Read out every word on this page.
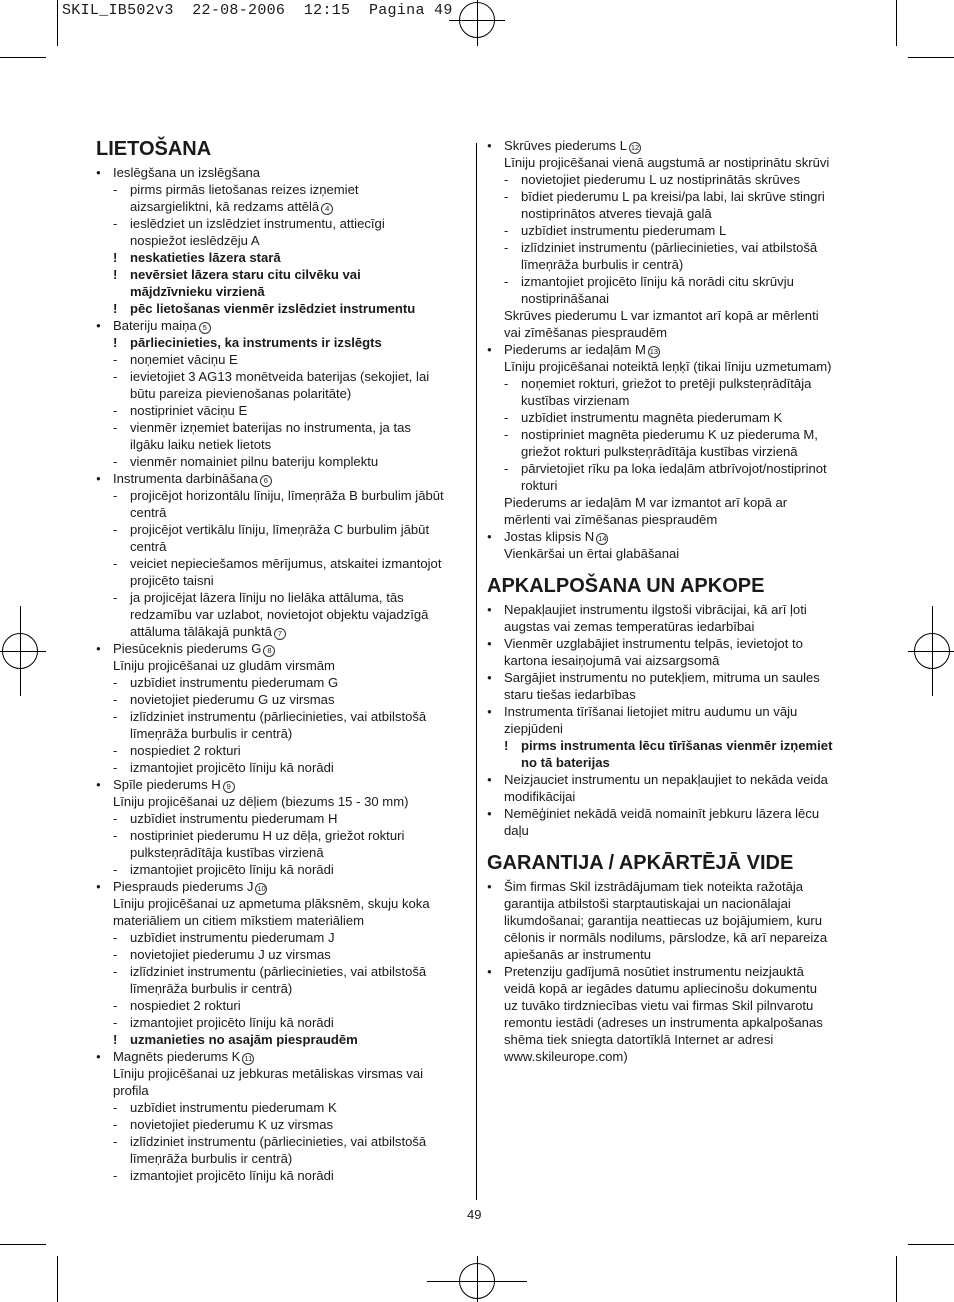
SKIL_IB502v3  22-08-2006  12:15  Pagina 49
LIETOŠANA
● Ieslēgšana un izslēgšana
- pirms pirmās lietošanas reizes izņemiet
aizsargieliktni, kā redzams attēlā 4
- ieslēdziet un izslēdziet instrumentu, attiecīgi
nospiežot ieslēdzēju A
! neskatieties lāzera starā
! nevērsiet lāzera staru citu cilvēku vai
mājdzīvnieku virzienā
! pēc lietošanas vienmēr izslēdziet instrumentu
● Bateriju maiņa 5
! pārliecinieties, ka instruments ir izslēgts
- noņemiet vāciņu E
- ievietojiet 3 AG13 monētveida baterijas (sekojiet, lai
būtu pareiza pievienošanas polaritāte)
- nostipriniet vāciņu E
- vienmēr izņemiet baterijas no instrumenta, ja tas
ilgāku laiku netiek lietots
- vienmēr nomainiet pilnu bateriju komplektu
● Instrumenta darbināšana 6
- projicējot horizontālu līniju, līmeņrāža B burbulim jābūt
centrā
- projicējot vertikālu līniju, līmeņrāža C burbulim jābūt
centrā
- veiciet nepieciešamos mērījumus, atskaitei izmantojot
projicēto taisni
- ja projicējat lāzera līniju no lielāka attāluma, tās
redzamību var uzlabot, novietojot objektu vajadzīgā
attāluma tālākajā punktā 7
● Piesūceknis piederums G 8
Līniju projicēšanai uz gludām virsmām
- uzbīdiet instrumentu piederumam G
- novietojiet piederumu G uz virsmas
- izlīdziniet instrumentu (pārliecinieties, vai atbilstošā
līmeņrāža burbulis ir centrā)
- nospiediet 2 rokturi
- izmantojiet projicēto līniju kā norādi
● Spīle piederums H 9
Līniju projicēšanai uz dēļiem (biezums 15 - 30 mm)
- uzbīdiet instrumentu piederumam H
- nostipriniet piederumu H uz dēļa, griežot rokturi
pulksteņrādītāja kustības virzienā
- izmantojiet projicēto līniju kā norādi
● Piesprauds piederums J 10
Līniju projicēšanai uz apmetuma plāksnēm, skuju koka
materiāliem un citiem mīkstiem materiāliem
- uzbīdiet instrumentu piederumam J
- novietojiet piederumu J uz virsmas
- izlīdziniet instrumentu (pārliecinieties, vai atbilstošā
līmeņrāža burbulis ir centrā)
- nospiediet 2 rokturi
- izmantojiet projicēto līniju kā norādi
! uzmanieties no asajām piespraudēm
● Magnēts piederums K 11
Līniju projicēšanai uz jebkuras metāliskas virsmas vai
profila
- uzbīdiet instrumentu piederumam K
- novietojiet piederumu K uz virsmas
- izlīdziniet instrumentu (pārliecinieties, vai atbilstošā
līmeņrāža burbulis ir centrā)
- izmantojiet projicēto līniju kā norādi
● Skrūves piederums L 12
Līniju projicēšanai vienā augstumā ar nostiprinātu skrūvi
- novietojiet piederumu L uz nostiprinātās skrūves
- bīdiet piederumu L pa kreisi/pa labi, lai skrūve stingri
nostiprinātos atveres tievajā galā
- uzbīdiet instrumentu piederumam L
- izlīdziniet instrumentu (pārliecinieties, vai atbilstošā
līmeņrāža burbulis ir centrā)
- izmantojiet projicēto līniju kā norādi citu skrūvju
nostiprināšanai
Skrūves piederumu L var izmantot arī kopā ar mērlenti
vai zīmēšanas piespraudēm
● Piederums ar iedaļām M 13
Līniju projicēšanai noteiktā leņķī (tikai līniju uzmetumam)
- noņemiet rokturi, griežot to pretēji pulksteņrādītāja
kustības virzienam
- uzbīdiet instrumentu magnēta piederumam K
- nostipriniet magnēta piederumu K uz piederuma M,
griežot rokturi pulksteņrādītāja kustības virzienā
- pārvietojiet rīku pa loka iedaļām atbrīvojot/nostiprinot
rokturi
Piederums ar iedaļām M var izmantot arī kopā ar
mērlenti vai zīmēšanas piespraudēm
● Jostas klipsis N 14
Vienkāršai un ērtai glabāšanai
APKALPOŠANA UN APKOPE
● Nepakļaujiet instrumentu ilgstoši vibrācijai, kā arī ļoti
augstas vai zemas temperatūras iedarbībai
● Vienmēr uzglabājiet instrumentu telpās, ievietojot to
kartona iesaiņojumā vai aizsargsomā
● Sargājiet instrumentu no putekļiem, mitruma un saules
staru tiešas iedarbības
● Instrumenta tīrīšanai lietojiet mitru audumu un vāju
ziepjūdeni
! pirms instrumenta lēcu tīrīšanas vienmēr izņemiet
no tā baterijas
● Neizjauciet instrumentu un nepakļaujiet to nekāda veida
modifikācijai
● Nemēģiniet nekādā veidā nomainīt jebkuru lāzera lēcu
daļu
GARANTIJA / APKĀRTĒJĀ VIDE
● Šim firmas Skil izstrādājumam tiek noteikta ražotāja
garantija atbilstoši starptautiskajai un nacionālajai
likumdošanai; garantija neattiecas uz bojājumiem, kuru
cēlonis ir normāls nodilums, pārslodze, kā arī nepareiza
apiešanās ar instrumentu
● Pretenziju gadījumā nosūtiet instrumentu neizjauktā
veidā kopā ar iegādes datumu apliecinošu dokumentu
uz tuvāko tirdzniecības vietu vai firmas Skil pilnvarotu
remontu iestādi (adreses un instrumenta apkalpošanas
shēma tiek sniegta datortīklā Internet ar adresi
www.skileurope.com)
49
